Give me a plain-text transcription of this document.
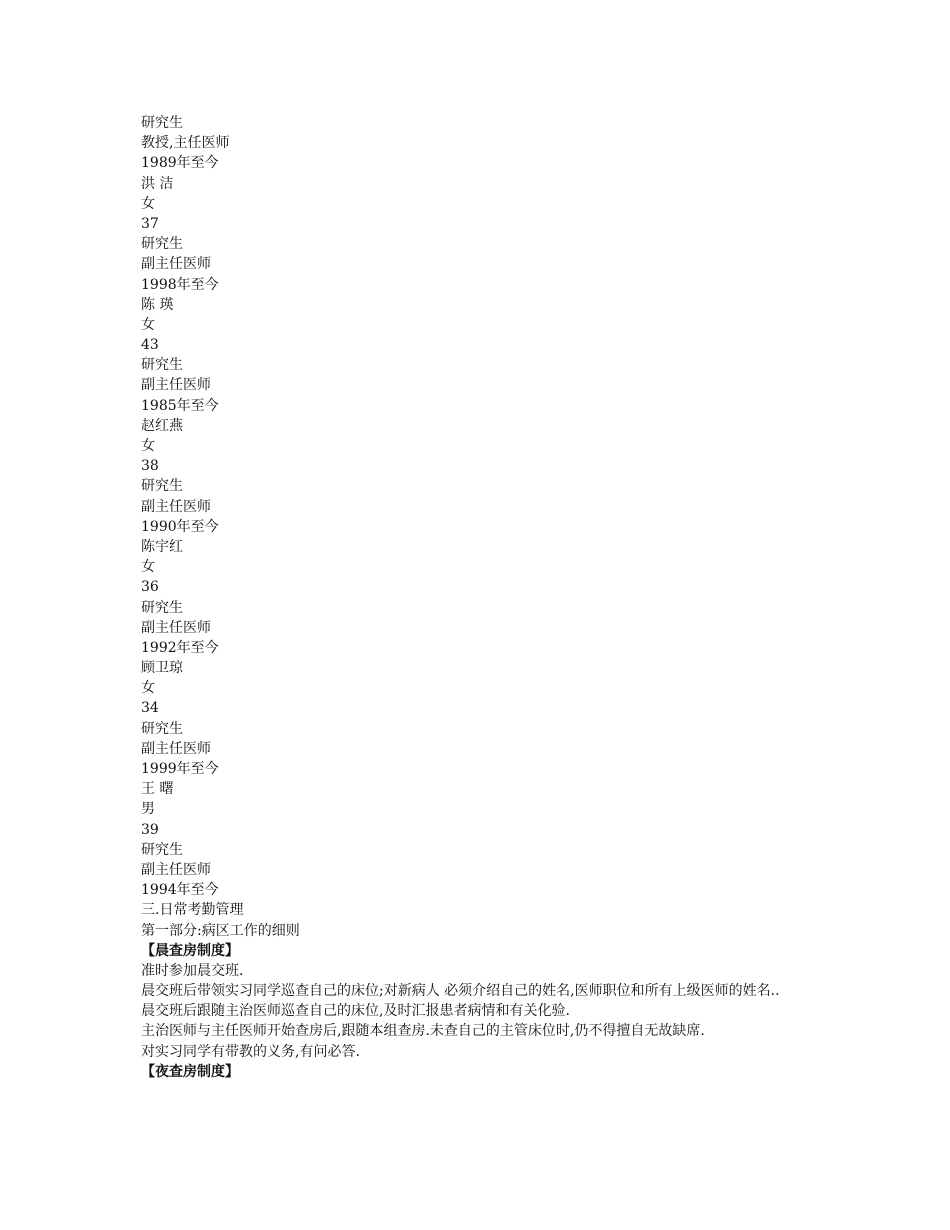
研究生
教授,主任医师
1989年至今
洪 洁
女
37
研究生
副主任医师
1998年至今
陈 瑛
女
43
研究生
副主任医师
1985年至今
赵红燕
女
38
研究生
副主任医师
1990年至今
陈宇红
女
36
研究生
副主任医师
1992年至今
顾卫琼
女
34
研究生
副主任医师
1999年至今
王 曙
男
39
研究生
副主任医师
1994年至今
三.日常考勤管理
第一部分:病区工作的细则
【晨查房制度】
准时参加晨交班.
晨交班后带领实习同学巡查自己的床位;对新病人 必须介绍自己的姓名,医师职位和所有上级医师的姓名..
晨交班后跟随主治医师巡查自己的床位,及时汇报患者病情和有关化验.
主治医师与主任医师开始查房后,跟随本组查房.未查自己的主管床位时,仍不得擅自无故缺席.
对实习同学有带教的义务,有问必答.
【夜查房制度】
